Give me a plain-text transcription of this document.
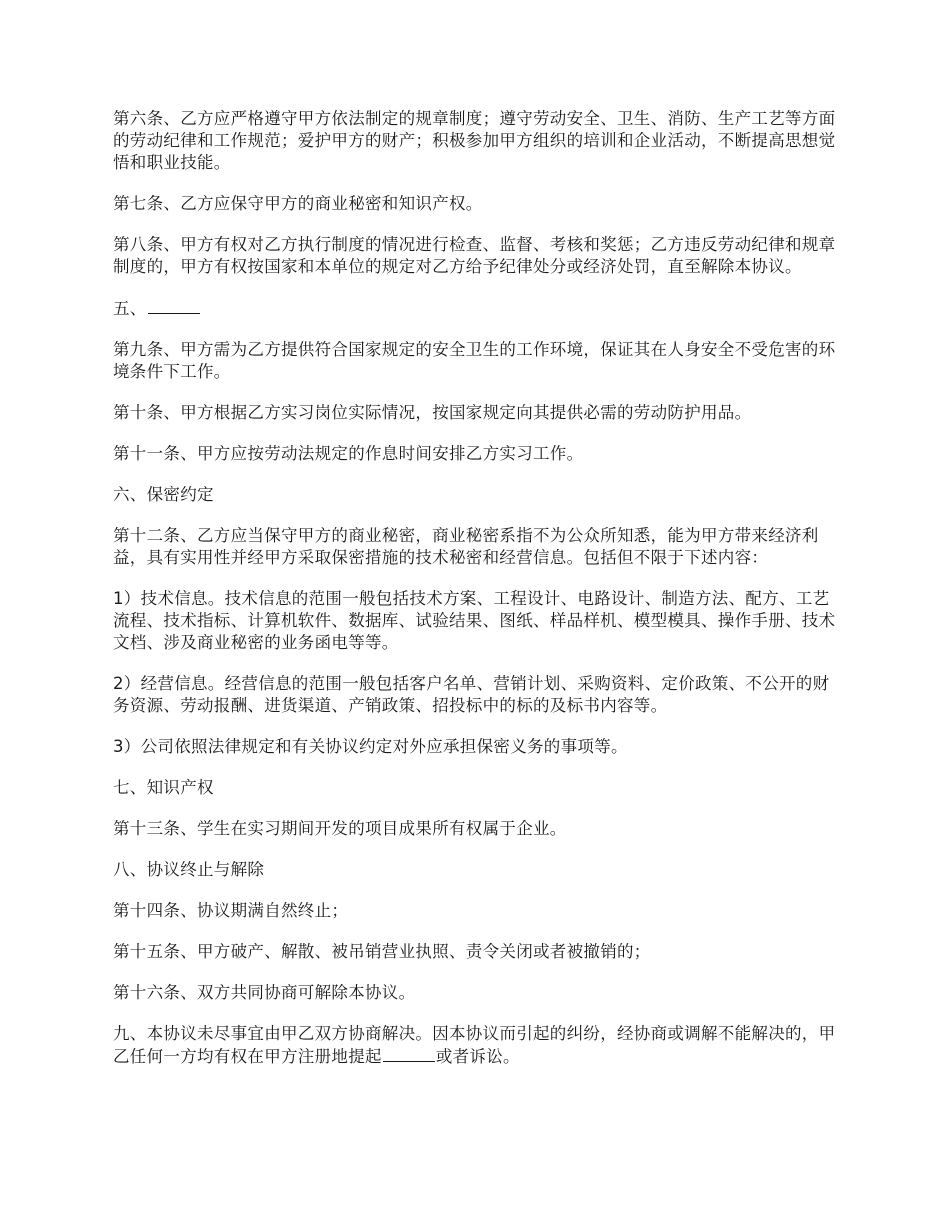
第六条、乙方应严格遵守甲方依法制定的规章制度；遵守劳动安全、卫生、消防、生产工艺等方面的劳动纪律和工作规范；爱护甲方的财产；积极参加甲方组织的培训和企业活动，不断提高思想觉悟和职业技能。

第七条、乙方应保守甲方的商业秘密和知识产权。

第八条、甲方有权对乙方执行制度的情况进行检查、监督、考核和奖惩；乙方违反劳动纪律和规章制度的，甲方有权按国家和本单位的规定对乙方给予纪律处分或经济处罚，直至解除本协议。

五、

第九条、甲方需为乙方提供符合国家规定的安全卫生的工作环境，保证其在人身安全不受危害的环境条件下工作。

第十条、甲方根据乙方实习岗位实际情况，按国家规定向其提供必需的劳动防护用品。

第十一条、甲方应按劳动法规定的作息时间安排乙方实习工作。

六、保密约定

第十二条、乙方应当保守甲方的商业秘密，商业秘密系指不为公众所知悉，能为甲方带来经济利益，具有实用性并经甲方采取保密措施的技术秘密和经营信息。包括但不限于下述内容：

1）技术信息。技术信息的范围一般包括技术方案、工程设计、电路设计、制造方法、配方、工艺流程、技术指标、计算机软件、数据库、试验结果、图纸、样品样机、模型模具、操作手册、技术文档、涉及商业秘密的业务函电等等。

2）经营信息。经营信息的范围一般包括客户名单、营销计划、采购资料、定价政策、不公开的财务资源、劳动报酬、进货渠道、产销政策、招投标中的标的及标书内容等。

3）公司依照法律规定和有关协议约定对外应承担保密义务的事项等。

七、知识产权

第十三条、学生在实习期间开发的项目成果所有权属于企业。

八、协议终止与解除

第十四条、协议期满自然终止；

第十五条、甲方破产、解散、被吊销营业执照、责令关闭或者被撤销的；

第十六条、双方共同协商可解除本协议。

九、本协议未尽事宜由甲乙双方协商解决。因本协议而引起的纠纷，经协商或调解不能解决的，甲乙任何一方均有权在甲方注册地提起	或者诉讼。
